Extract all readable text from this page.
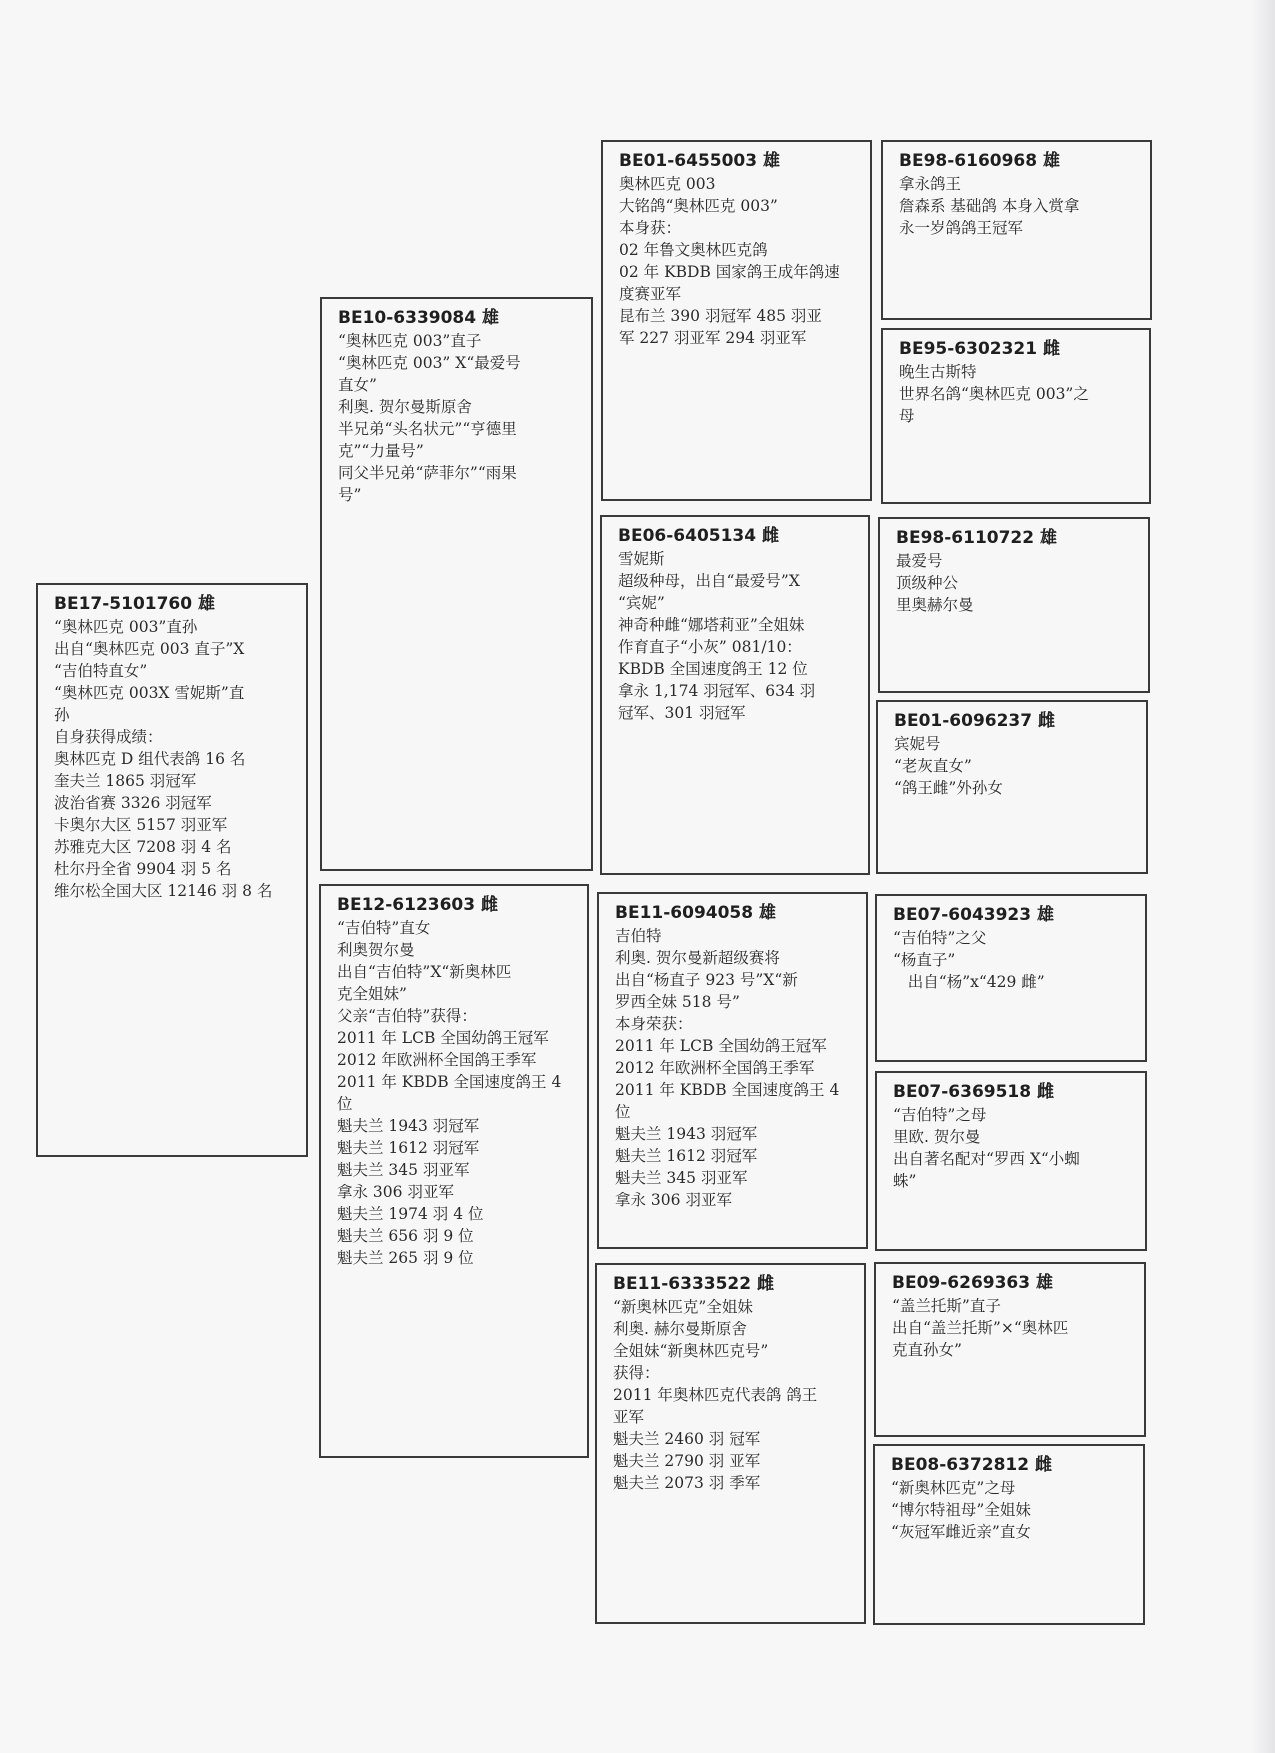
BE17-5101760 雄
“奥林匹克 003”直孙
出自“奥林匹克 003 直子”X
“吉伯特直女”
“奥林匹克 003X 雪妮斯”直
孙
自身获得成绩：
奥林匹克 D 组代表鸽 16 名
奎夫兰 1865 羽冠军
波治省赛 3326 羽冠军
卡奥尔大区 5157 羽亚军
苏雅克大区 7208 羽 4 名
杜尔丹全省 9904 羽 5 名
维尔松全国大区 12146 羽 8 名
BE10-6339084 雄
“奥林匹克 003”直子
“奥林匹克 003” X“最爱号
直女”
利奥. 贺尔曼斯原舍
半兄弟“头名状元”“亨德里
克”“力量号”
同父半兄弟“萨菲尔”“雨果
号”
BE12-6123603 雌
“吉伯特”直女
利奥贺尔曼
出自“吉伯特”X“新奥林匹
克全姐妹”
父亲“吉伯特”获得：
2011 年 LCB 全国幼鸽王冠军
2012 年欧洲杯全国鸽王季军
2011 年 KBDB 全国速度鸽王 4
位
魁夫兰 1943 羽冠军
魁夫兰 1612 羽冠军
魁夫兰 345 羽亚军
拿永 306 羽亚军
魁夫兰 1974 羽 4 位
魁夫兰 656 羽 9 位
魁夫兰 265 羽 9 位
BE01-6455003 雄
奥林匹克 003
大铭鸽“奥林匹克 003”
本身获：
02 年鲁文奥林匹克鸽
02 年 KBDB 国家鸽王成年鸽速
度赛亚军
昆布兰 390 羽冠军 485 羽亚
军 227 羽亚军 294 羽亚军
BE06-6405134 雌
雪妮斯
超级种母，出自“最爱号”X
“宾妮”
神奇种雌“娜塔莉亚”全姐妹
作育直子“小灰” 081/10：
KBDB 全国速度鸽王 12 位
拿永 1,174 羽冠军、634 羽
冠军、301 羽冠军
BE11-6094058 雄
吉伯特
利奥. 贺尔曼新超级赛将
出自“杨直子 923 号”X“新
罗西全妹 518 号”
本身荣获：
2011 年 LCB 全国幼鸽王冠军
2012 年欧洲杯全国鸽王季军
2011 年 KBDB 全国速度鸽王 4
位
魁夫兰 1943 羽冠军
魁夫兰 1612 羽冠军
魁夫兰 345 羽亚军
拿永 306 羽亚军
BE11-6333522 雌
“新奥林匹克”全姐妹
利奥. 赫尔曼斯原舍
全姐妹“新奥林匹克号”
获得：
2011 年奥林匹克代表鸽 鸽王
亚军
魁夫兰 2460 羽 冠军
魁夫兰 2790 羽 亚军
魁夫兰 2073 羽 季军
BE98-6160968 雄
拿永鸽王
詹森系 基础鸽 本身入赏拿
永一岁鸽鸽王冠军
BE95-6302321 雌
晚生古斯特
世界名鸽“奥林匹克 003”之
母
BE98-6110722 雄
最爱号
顶级种公
里奥赫尔曼
BE01-6096237 雌
宾妮号
“老灰直女”
“鸽王雌”外孙女
BE07-6043923 雄
“吉伯特”之父
“杨直子”
出自“杨”x“429 雌”
BE07-6369518 雌
“吉伯特”之母
里欧. 贺尔曼
出自著名配对“罗西 X“小蜘
蛛”
BE09-6269363 雄
“盖兰托斯”直子
出自“盖兰托斯”×“奥林匹
克直孙女”
BE08-6372812 雌
“新奥林匹克”之母
“博尔特祖母”全姐妹
“灰冠军雌近亲”直女
